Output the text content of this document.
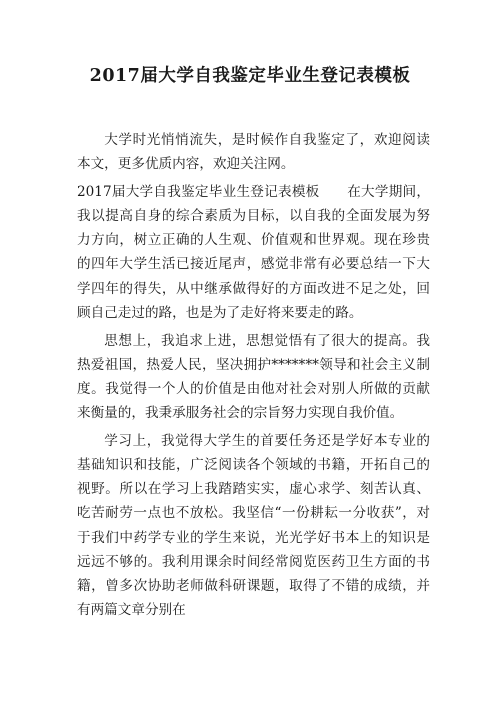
2017届大学自我鉴定毕业生登记表模板

大学时光悄悄流失，是时候作自我鉴定了，欢迎阅读本文，更多优质内容，欢迎关注网。

2017届大学自我鉴定毕业生登记表模板　　在大学期间，我以提高自身的综合素质为目标，以自我的全面发展为努力方向，树立正确的人生观、价值观和世界观。现在珍贵的四年大学生活已接近尾声，感觉非常有必要总结一下大学四年的得失，从中继承做得好的方面改进不足之处，回顾自己走过的路，也是为了走好将来要走的路。

思想上，我追求上进，思想觉悟有了很大的提高。我热爱祖国，热爱人民，坚决拥护*******领导和社会主义制度。我觉得一个人的价值是由他对社会对别人所做的贡献来衡量的，我秉承服务社会的宗旨努力实现自我价值。

学习上，我觉得大学生的首要任务还是学好本专业的基础知识和技能，广泛阅读各个领域的书籍，开拓自己的视野。所以在学习上我踏踏实实，虚心求学、刻苦认真、吃苦耐劳一点也不放松。我坚信“一份耕耘一分收获”，对于我们中药学专业的学生来说，光光学好书本上的知识是远远不够的。我利用课余时间经常阅览医药卫生方面的书籍，曾多次协助老师做科研课题，取得了不错的成绩，并有两篇文章分别在
